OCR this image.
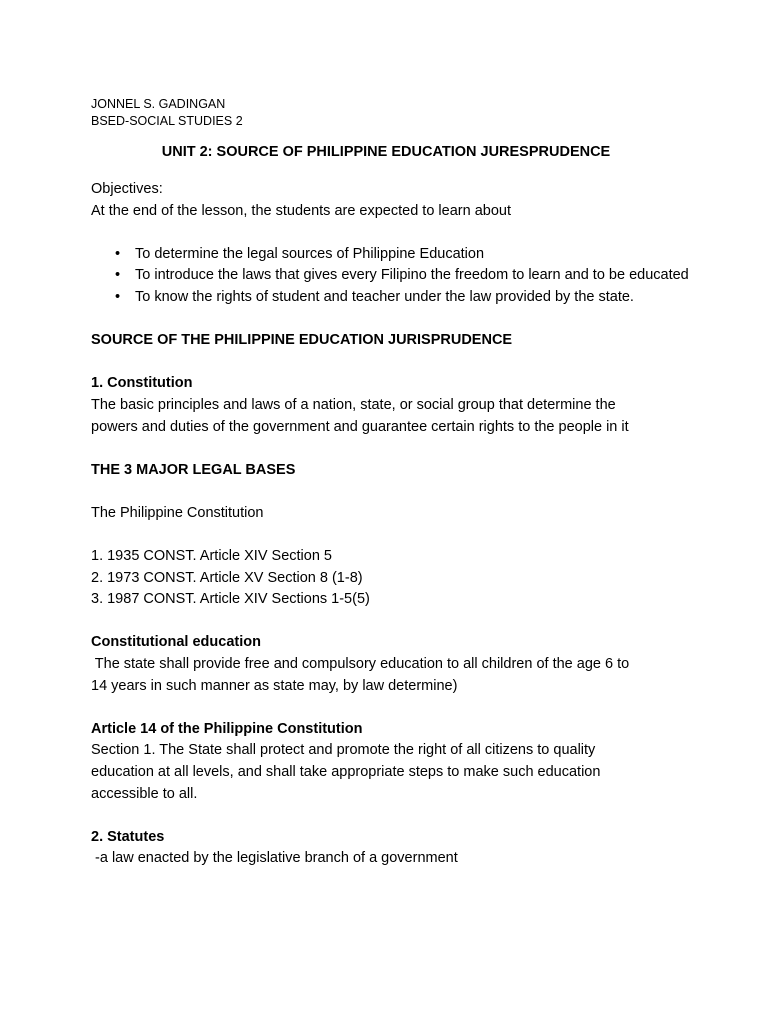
JONNEL S. GADINGAN
BSED-SOCIAL STUDIES 2
UNIT 2: SOURCE OF PHILIPPINE EDUCATION JURESPRUDENCE

Objectives:

At the end of the lesson, the students are expected to learn about

• To determine the legal sources of Philippine Education
• To introduce the laws that gives every Filipino the freedom to learn and to be educated
• To know the rights of student and teacher under the law provided by the state.

SOURCE OF THE PHILIPPINE EDUCATION JURISPRUDENCE

1. Constitution

The basic principles and laws of a nation, state, or social group that determine the

powers and duties of the government and guarantee certain rights to the people in it

THE 3 MAJOR LEGAL BASES

The Philippine Constitution

1. 1935 CONST. Article XIV Section 5

2. 1973 CONST. Article XV Section 8 (1-8)

3. 1987 CONST. Article XIV Sections 1-5(5)

Constitutional education

The state shall provide free and compulsory education to all children of the age 6 to

14 years in such manner as state may, by law determine)

Article 14 of the Philippine Constitution

Section 1. The State shall protect and promote the right of all citizens to quality

education at all levels, and shall take appropriate steps to make such education

accessible to all.

2. Statutes

-a law enacted by the legislative branch of a government
